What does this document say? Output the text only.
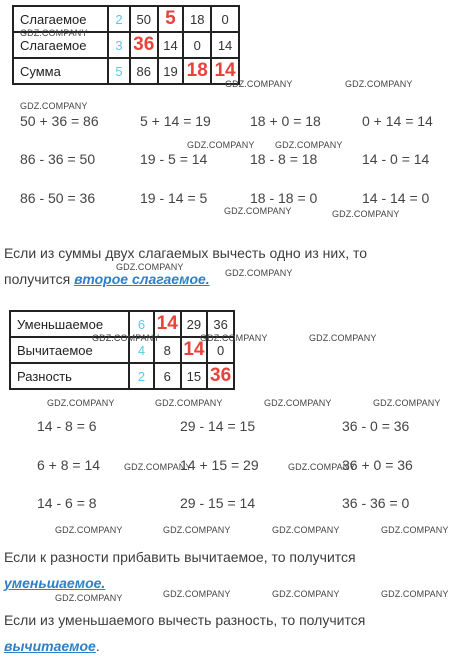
Слагаемое	2	50	5	18	0
Слагаемое	3	36	14	0	14
Сумма	5	86	19	18	14
50 + 36 = 86	5 + 14 = 19	18 + 0 = 18	0 + 14 = 14
86 - 36 = 50	19 - 5 = 14	18 - 8 = 18	14 - 0 = 14
86 - 50 = 36	19 - 14 = 5	18 - 18 = 0	14 - 14 = 0
Если из суммы двух слагаемых вычесть одно из них, то
получится второе слагаемое.
Уменьшаемое	6	14	29	36
Вычитаемое	4	8	14	0
Разность	2	6	15	36
14 - 8 = 6	29 - 14 = 15	36 - 0 = 36
6 + 8 = 14	14 + 15 = 29	36 + 0 = 36
14 - 6 = 8	29 - 15 = 14	36 - 36 = 0
Если к разности прибавить вычитаемое, то получится
уменьшаемое.
Если из уменьшаемого вычесть разность, то получится
вычитаемое.
GDZ.COMPANY
GDZ.COMPANY	GDZ.COMPANY
GDZ.COMPANY
GDZ.COMPANY GDZ.COMPANY
GDZ.COMPANY	GDZ.COMPANY
GDZ.COMPANY
GDZ.COMPANY
GDZ.COMPANY	GDZ.COMPANY	GDZ.COMPANY
GDZ.COMPANY	GDZ.COMPANY	GDZ.COMPANY	GDZ.COMPANY
GDZ.COMPANY	GDZ.COMPANY
GDZ.COMPANY	GDZ.COMPANY	GDZ.COMPANY	GDZ.COMPANY
GDZ.COMPANY	GDZ.COMPANY	GDZ.COMPANY	GDZ.COMPANY
